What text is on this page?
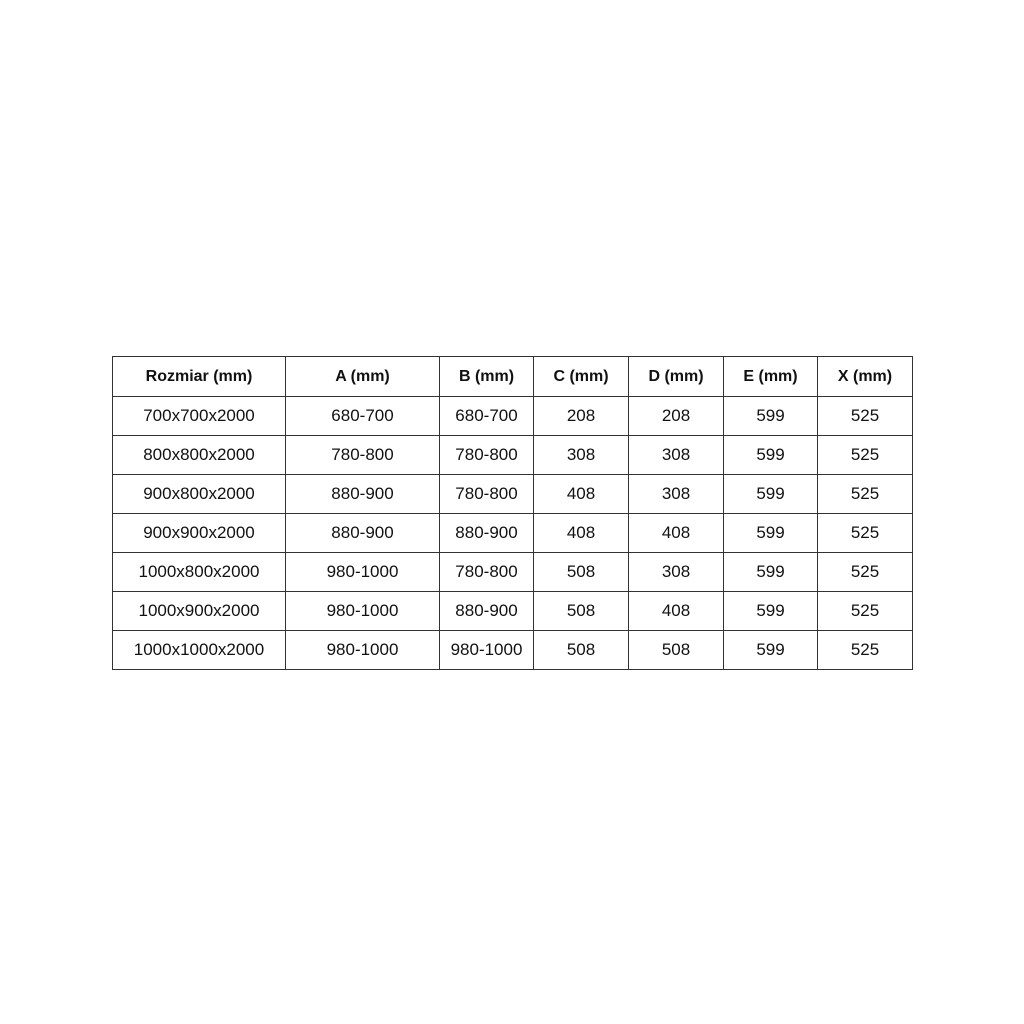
Rozmiar (mm)	A (mm)	B (mm)	C (mm)	D (mm)	E (mm)	X (mm)
700x700x2000	680-700	680-700	208	208	599	525
800x800x2000	780-800	780-800	308	308	599	525
900x800x2000	880-900	780-800	408	308	599	525
900x900x2000	880-900	880-900	408	408	599	525
1000x800x2000	980-1000	780-800	508	308	599	525
1000x900x2000	980-1000	880-900	508	408	599	525
1000x1000x2000	980-1000	980-1000	508	508	599	525
